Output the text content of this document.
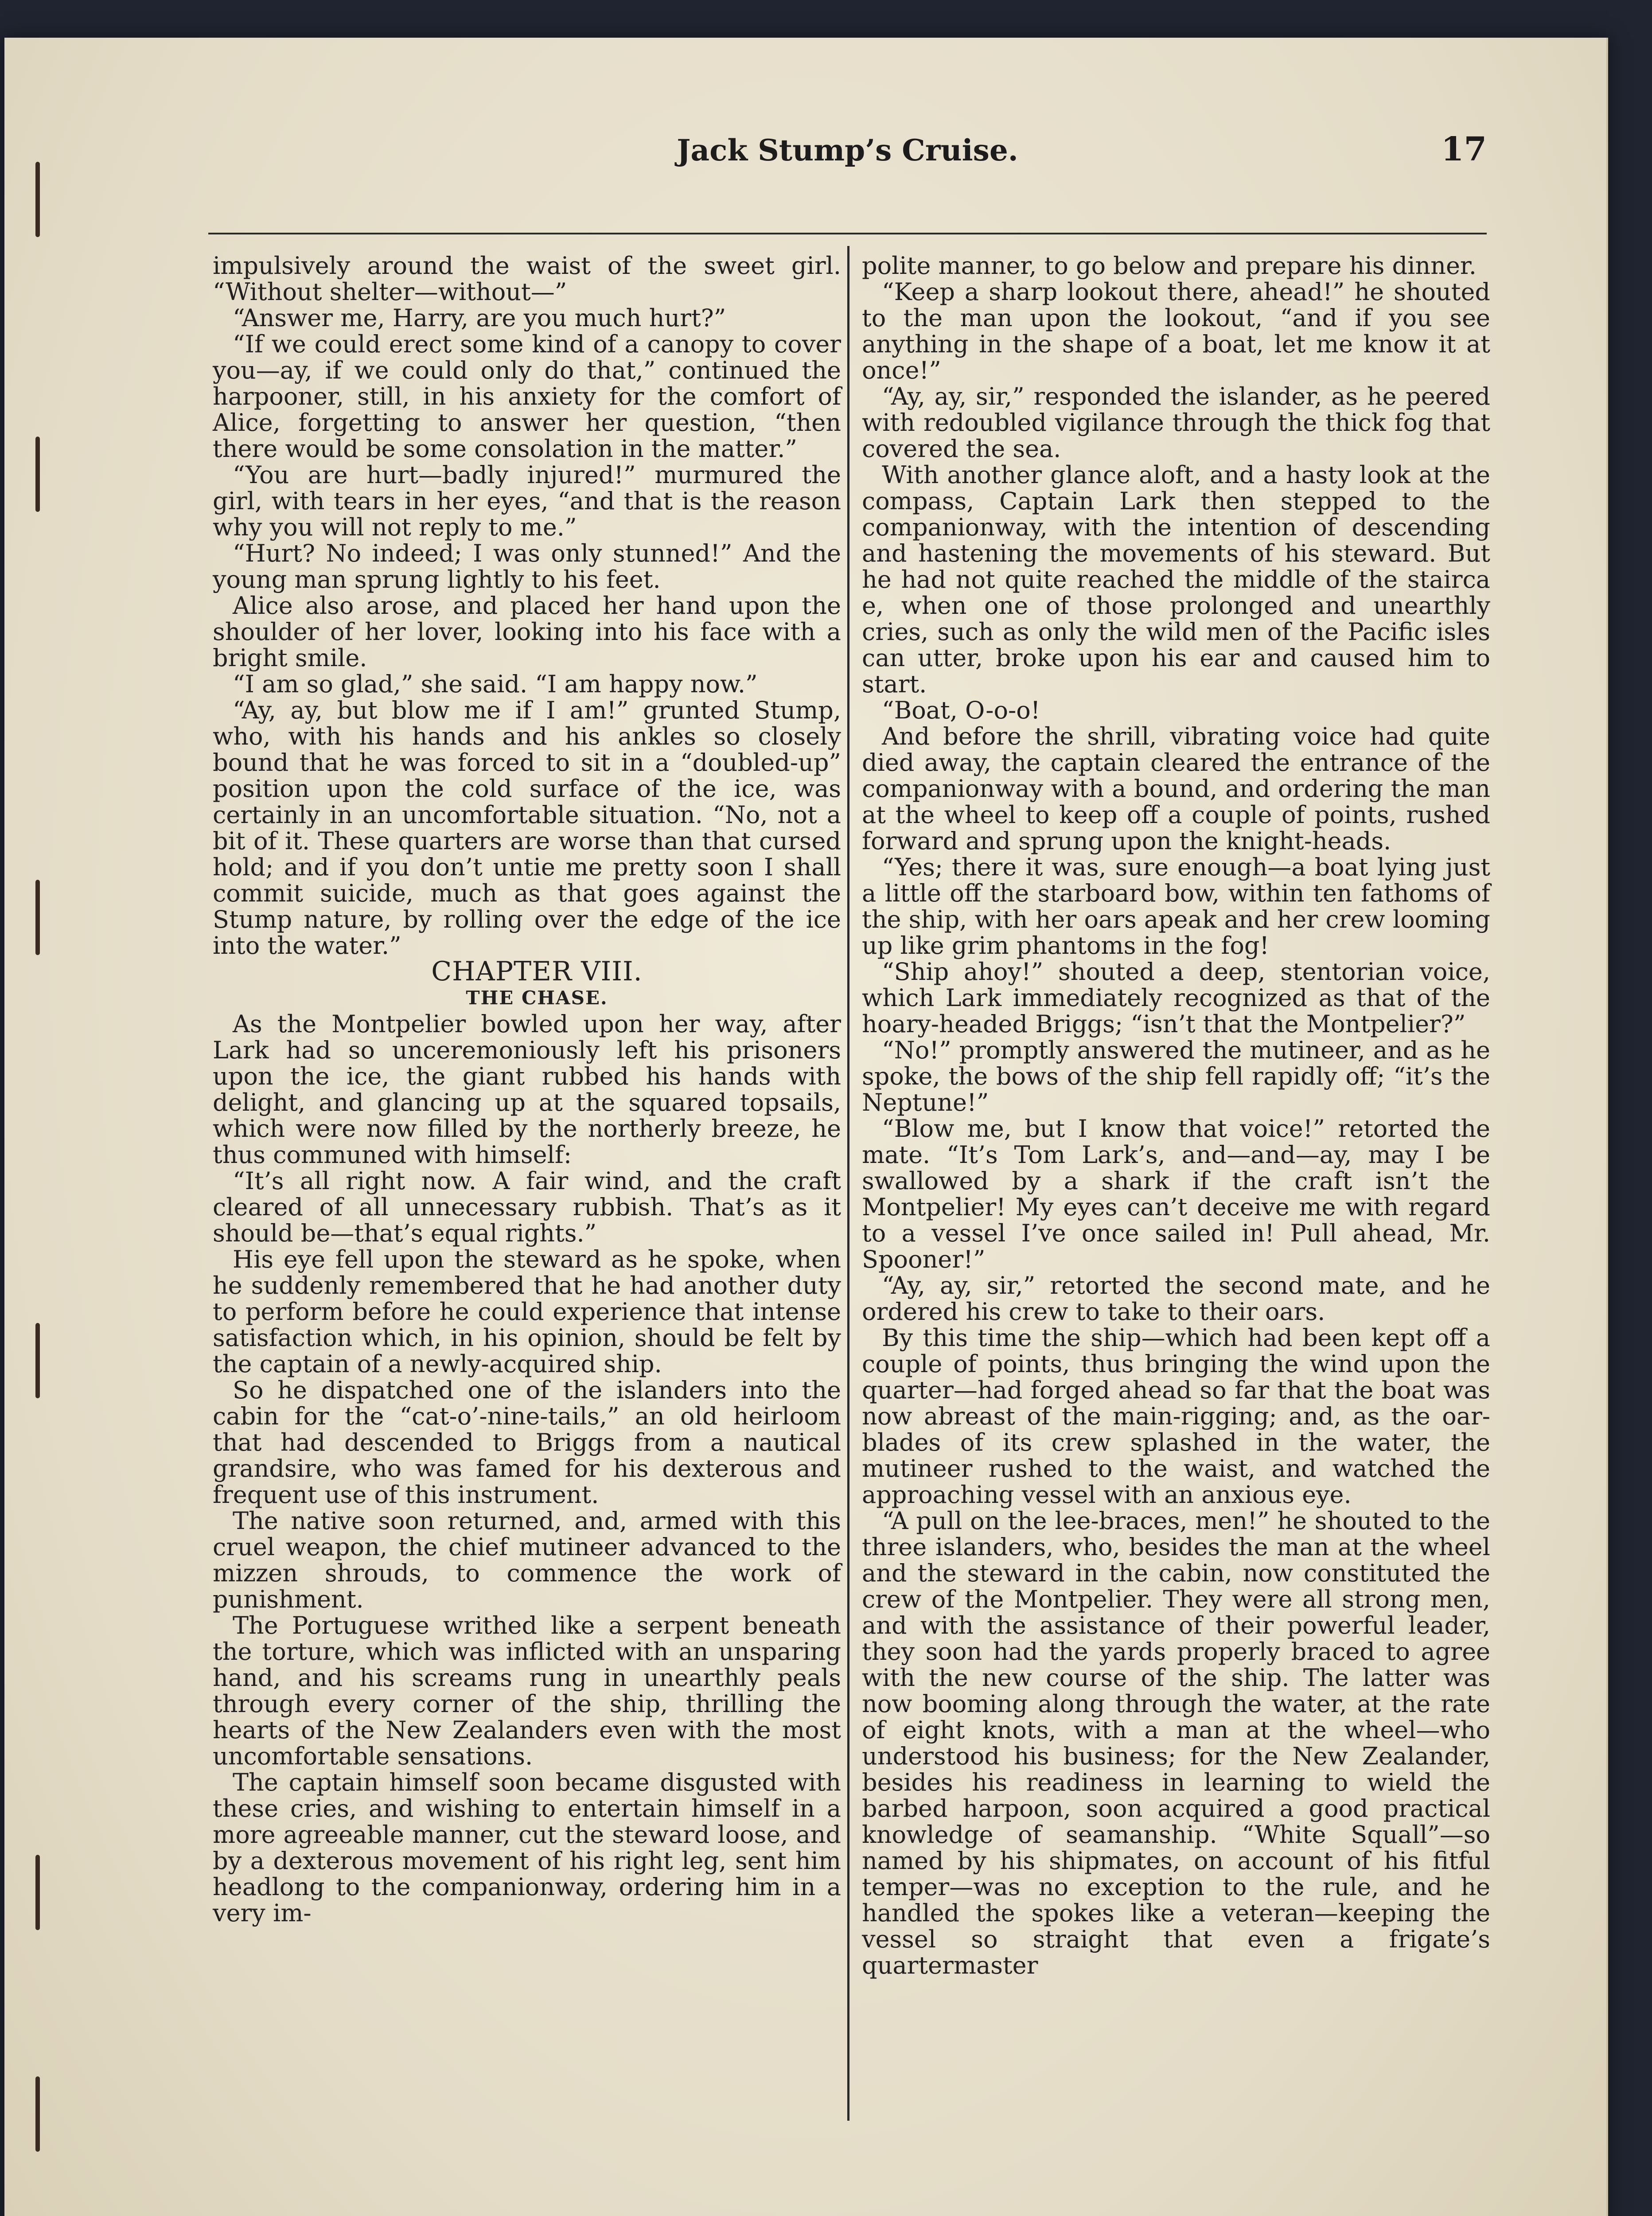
Jack Stump’s Cruise.	17

impulsively around the waist of the sweet girl. “Without shelter—without—”

“Answer me, Harry, are you much hurt?”

“If we could erect some kind of a canopy to cover you—ay, if we could only do that,” continued the harpooner, still, in his anxiety for the comfort of Alice, forgetting to answer her question, “then there would be some consolation in the matter.”

“You are hurt—badly injured!” murmured the girl, with tears in her eyes, “and that is the reason why you will not reply to me.”

“Hurt? No indeed; I was only stunned!” And the young man sprung lightly to his feet.

Alice also arose, and placed her hand upon the shoulder of her lover, looking into his face with a bright smile.

“I am so glad,” she said. “I am happy now.”

“Ay, ay, but blow me if I am!” grunted Stump, who, with his hands and his ankles so closely bound that he was forced to sit in a “doubled-up” position upon the cold surface of the ice, was certainly in an uncomfortable situation. “No, not a bit of it. These quarters are worse than that cursed hold; and if you don’t untie me pretty soon I shall commit suicide, much as that goes against the Stump nature, by rolling over the edge of the ice into the water.”

CHAPTER VIII.

THE CHASE.

As the Montpelier bowled upon her way, after Lark had so unceremoniously left his prisoners upon the ice, the giant rubbed his hands with delight, and glancing up at the squared topsails, which were now filled by the northerly breeze, he thus communed with himself:

“It’s all right now. A fair wind, and the craft cleared of all unnecessary rubbish. That’s as it should be—that’s equal rights.”

His eye fell upon the steward as he spoke, when he suddenly remembered that he had another duty to perform before he could experience that intense satisfaction which, in his opinion, should be felt by the captain of a newly-acquired ship.

So he dispatched one of the islanders into the cabin for the “cat-o’-nine-tails,” an old heirloom that had descended to Briggs from a nautical grandsire, who was famed for his dexterous and frequent use of this instrument.

The native soon returned, and, armed with this cruel weapon, the chief mutineer advanced to the mizzen shrouds, to commence the work of punishment.

The Portuguese writhed like a serpent beneath the torture, which was inflicted with an unsparing hand, and his screams rung in unearthly peals through every corner of the ship, thrilling the hearts of the New Zealanders even with the most uncomfortable sensations.

The captain himself soon became disgusted with these cries, and wishing to entertain himself in a more agreeable manner, cut the steward loose, and by a dexterous movement of his right leg, sent him headlong to the companionway, ordering him in a very im-

polite manner, to go below and prepare his dinner.

“Keep a sharp lookout there, ahead!” he shouted to the man upon the lookout, “and if you see anything in the shape of a boat, let me know it at once!”

“Ay, ay, sir,” responded the islander, as he peered with redoubled vigilance through the thick fog that covered the sea.

With another glance aloft, and a hasty look at the compass, Captain Lark then stepped to the companionway, with the intention of descending and hastening the movements of his steward. But he had not quite reached the middle of the stairca e, when one of those prolonged and unearthly cries, such as only the wild men of the Pacific isles can utter, broke upon his ear and caused him to start.

“Boat, O-o-o!

And before the shrill, vibrating voice had quite died away, the captain cleared the entrance of the companionway with a bound, and ordering the man at the wheel to keep off a couple of points, rushed forward and sprung upon the knight-heads.

“Yes; there it was, sure enough—a boat lying just a little off the starboard bow, within ten fathoms of the ship, with her oars apeak and her crew looming up like grim phantoms in the fog!

“Ship ahoy!” shouted a deep, stentorian voice, which Lark immediately recognized as that of the hoary-headed Briggs; “isn’t that the Montpelier?”

“No!” promptly answered the mutineer, and as he spoke, the bows of the ship fell rapidly off; “it’s the Neptune!”

“Blow me, but I know that voice!” retorted the mate. “It’s Tom Lark’s, and—and—ay, may I be swallowed by a shark if the craft isn’t the Montpelier! My eyes can’t deceive me with regard to a vessel I’ve once sailed in! Pull ahead, Mr. Spooner!”

“Ay, ay, sir,” retorted the second mate, and he ordered his crew to take to their oars.

By this time the ship—which had been kept off a couple of points, thus bringing the wind upon the quarter—had forged ahead so far that the boat was now abreast of the main-rigging; and, as the oar-blades of its crew splashed in the water, the mutineer rushed to the waist, and watched the approaching vessel with an anxious eye.

“A pull on the lee-braces, men!” he shouted to the three islanders, who, besides the man at the wheel and the steward in the cabin, now constituted the crew of the Montpelier. They were all strong men, and with the assistance of their powerful leader, they soon had the yards properly braced to agree with the new course of the ship. The latter was now booming along through the water, at the rate of eight knots, with a man at the wheel—who understood his business; for the New Zealander, besides his readiness in learning to wield the barbed harpoon, soon acquired a good practical knowledge of seamanship. “White Squall”—so named by his shipmates, on account of his fitful temper—was no exception to the rule, and he handled the spokes like a veteran—keeping the vessel so straight that even a frigate’s quartermaster
